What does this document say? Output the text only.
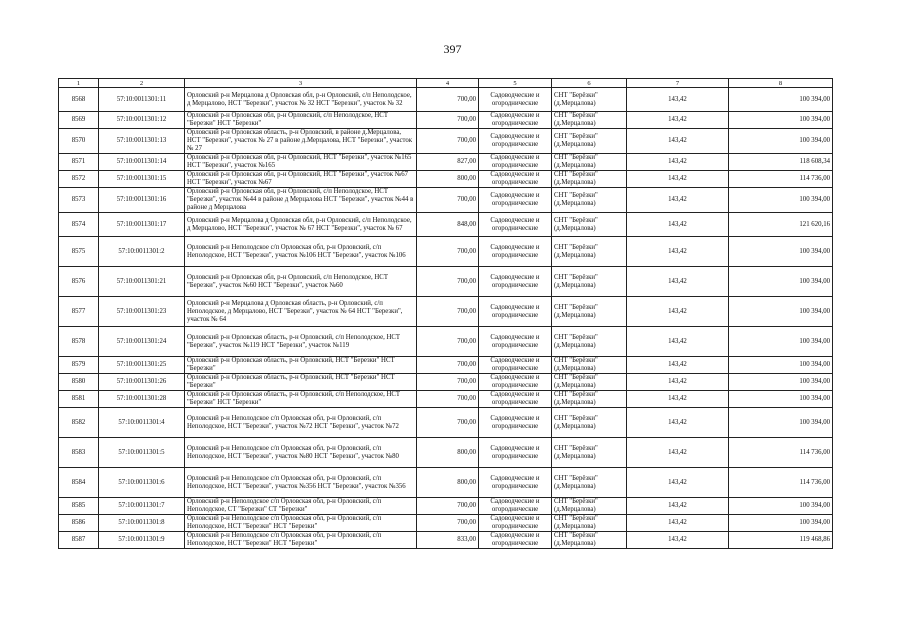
397
1	2	3	4	5	6	7	8
8568	57:10:0011301:11	Орловский р-н Мерцалова д Орловская обл, р-н Орловский, с/п Неполодское, д Мерцалово, НСТ "Березки", участок № 32 НСТ "Березки", участок № 32	700,00	Садоводческие и огороднические	СНТ "Берёзки" (д.Мерцалова)	143,42	100 394,00
8569	57:10:0011301:12	Орловский р-н Орловская обл, р-н Орловский, с/п Неполодское, НСТ "Березки" НСТ "Березки"	700,00	Садоводческие и огороднические	СНТ "Берёзки" (д.Мерцалова)	143,42	100 394,00
8570	57:10:0011301:13	Орловский р-н Орловская область, р-н Орловский, в районе д.Мерцалова, НСТ "Березки", участок № 27 в районе д.Мерцалова, НСТ "Березки", участок № 27	700,00	Садоводческие и огороднические	СНТ "Берёзки" (д.Мерцалова)	143,42	100 394,00
8571	57:10:0011301:14	Орловский р-н Орловская обл, р-н Орловский, НСТ "Березки", участок №165 НСТ "Березки", участок №165	827,00	Садоводческие и огороднические	СНТ "Берёзки" (д.Мерцалова)	143,42	118 608,34
8572	57:10:0011301:15	Орловский р-н Орловская обл, р-н Орловский, НСТ "Березки", участок №67 НСТ "Березки", участок №67	800,00	Садоводческие и огороднические	СНТ "Берёзки" (д.Мерцалова)	143,42	114 736,00
8573	57:10:0011301:16	Орловский р-н Орловская обл, р-н Орловский, с/п Неполодское, НСТ "Березки", участок №44 в районе д Мерцалова НСТ "Березки", участок №44 в районе д Мерцалова	700,00	Садоводческие и огороднические	СНТ "Берёзки" (д.Мерцалова)	143,42	100 394,00
8574	57:10:0011301:17	Орловский р-н Мерцалова д Орловская обл, р-н Орловский, с/п Неполодское, д Мерцалово, НСТ "Березки", участок № 67 НСТ "Березки", участок № 67	848,00	Садоводческие и огороднические	СНТ "Берёзки" (д.Мерцалова)	143,42	121 620,16
8575	57:10:0011301:2	Орловский р-н Неполодское с/п Орловская обл, р-н Орловский, с/п Неполодское, НСТ "Березки", участок №106 НСТ "Березки", участок №106	700,00	Садоводческие и огороднические	СНТ "Берёзки" (д.Мерцалова)	143,42	100 394,00
8576	57:10:0011301:21	Орловский р-н Орловская обл, р-н Орловский, с/п Неполодское, НСТ "Березки", участок №60 НСТ "Березки", участок №60	700,00	Садоводческие и огороднические	СНТ "Берёзки" (д.Мерцалова)	143,42	100 394,00
8577	57:10:0011301:23	Орловский р-н Мерцалова д Орловская область, р-н Орловский, с/п Неполодское, д Мерцалово, НСТ "Березки", участок № 64 НСТ "Березки", участок № 64	700,00	Садоводческие и огороднические	СНТ "Берёзки" (д.Мерцалова)	143,42	100 394,00
8578	57:10:0011301:24	Орловский р-н Орловская область, р-н Орловский, с/п Неполодское, НСТ "Березки", участок №119 НСТ "Березки", участок №119	700,00	Садоводческие и огороднические	СНТ "Берёзки" (д.Мерцалова)	143,42	100 394,00
8579	57:10:0011301:25	Орловский р-н Орловская область, р-н Орловский, НСТ "Березки" НСТ "Березки"	700,00	Садоводческие и огороднические	СНТ "Берёзки" (д.Мерцалова)	143,42	100 394,00
8580	57:10:0011301:26	Орловский р-н Орловская область, р-н Орловский, НСТ "Березки" НСТ "Березки"	700,00	Садоводческие и огороднические	СНТ "Берёзки" (д.Мерцалова)	143,42	100 394,00
8581	57:10:0011301:28	Орловский р-н Орловская область, р-н Орловский, с/п Неполодское, НСТ "Березки" НСТ "Березки"	700,00	Садоводческие и огороднические	СНТ "Берёзки" (д.Мерцалова)	143,42	100 394,00
8582	57:10:0011301:4	Орловский р-н Неполодское с/п Орловская обл, р-н Орловский, с/п Неполодское, НСТ "Березки", участок №72 НСТ "Березки", участок №72	700,00	Садоводческие и огороднические	СНТ "Берёзки" (д.Мерцалова)	143,42	100 394,00
8583	57:10:0011301:5	Орловский р-н Неполодское с/п Орловская обл, р-н Орловский, с/п Неполодское, НСТ "Березки", участок №80 НСТ "Березки", участок №80	800,00	Садоводческие и огороднические	СНТ "Берёзки" (д.Мерцалова)	143,42	114 736,00
8584	57:10:0011301:6	Орловский р-н Неполодское с/п Орловская обл, р-н Орловский, с/п Неполодское, НСТ "Березки", участок №356 НСТ "Березки", участок №356	800,00	Садоводческие и огороднические	СНТ "Берёзки" (д.Мерцалова)	143,42	114 736,00
8585	57:10:0011301:7	Орловский р-н Неполодское с/п Орловская обл, р-н Орловский, с/п Неполодское, СТ "Березки" СТ "Березки"	700,00	Садоводческие и огороднические	СНТ "Берёзки" (д.Мерцалова)	143,42	100 394,00
8586	57:10:0011301:8	Орловский р-н Неполодское с/п Орловская обл, р-н Орловский, с/п Неполодское, НСТ "Березки" НСТ "Березки"	700,00	Садоводческие и огороднические	СНТ "Берёзки" (д.Мерцалова)	143,42	100 394,00
8587	57:10:0011301:9	Орловский р-н Неполодское с/п Орловская обл, р-н Орловский, с/п Неполодское, НСТ "Березки" НСТ "Березки"	833,00	Садоводческие и огороднические	СНТ "Берёзки" (д.Мерцалова)	143,42	119 468,86
